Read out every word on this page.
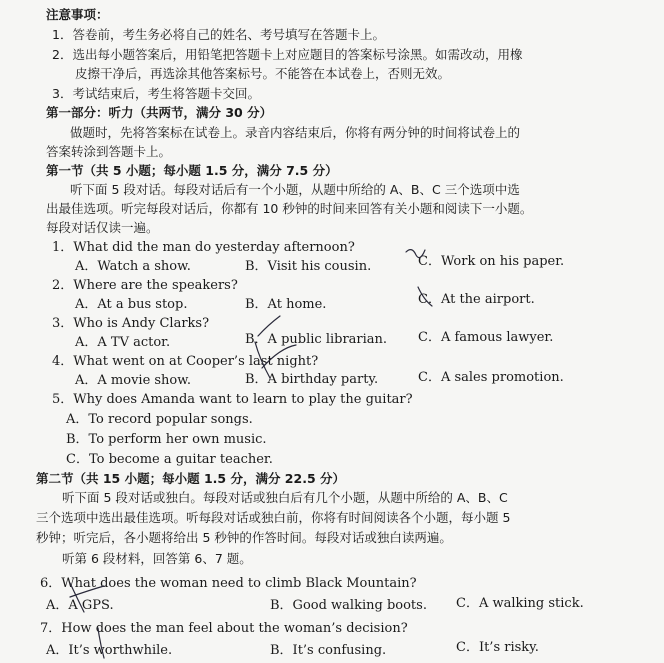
注意事项：
1．答卷前，考生务必将自己的姓名、考号填写在答题卡上。
2．选出每小题答案后，用铅笔把答题卡上对应题目的答案标号涂黑。如需改动，用橡
皮擦干净后，再选涂其他答案标号。不能答在本试卷上，否则无效。
3．考试结束后，考生将答题卡交回。
第一部分：听力（共两节，满分 30 分）
做题时，先将答案标在试卷上。录音内容结束后，你将有两分钟的时间将试卷上的
答案转涂到答题卡上。
第一节（共 5 小题；每小题 1.5 分，满分 7.5 分）
听下面 5 段对话。每段对话后有一个小题，从题中所给的 A、B、C 三个选项中选
出最佳选项。听完每段对话后，你都有 10 秒钟的时间来回答有关小题和阅读下一小题。
每段对话仅读一遍。
1．What did the man do yesterday afternoon?
A．Watch a show.	B．Visit his cousin.	C．Work on his paper.
2．Where are the speakers?
A．At a bus stop.	B．At home.	C．At the airport.
3．Who is Andy Clarks?
A．A TV actor.	B．A public librarian. C．A famous lawyer.
4．What went on at Cooper’s last night?
A．A movie show.	B．A birthday party.	C．A sales promotion.
5．Why does Amanda want to learn to play the guitar?
A．To record popular songs.
B．To perform her own music.
C．To become a guitar teacher.
第二节（共 15 小题；每小题 1.5 分，满分 22.5 分）
听下面 5 段对话或独白。每段对话或独白后有几个小题，从题中所给的 A、B、C
三个选项中选出最佳选项。听每段对话或独白前，你将有时间阅读各个小题，每小题 5
秒钟；听完后，各小题将给出 5 秒钟的作答时间。每段对话或独白读两遍。
听第 6 段材料，回答第 6、7 题。
6．What does the woman need to climb Black Mountain?
A．A GPS.	B．Good walking boots. C．A walking stick.
7．How does the man feel about the woman’s decision?
A．It’s worthwhile.	B．It’s confusing.	C．It’s risky.
